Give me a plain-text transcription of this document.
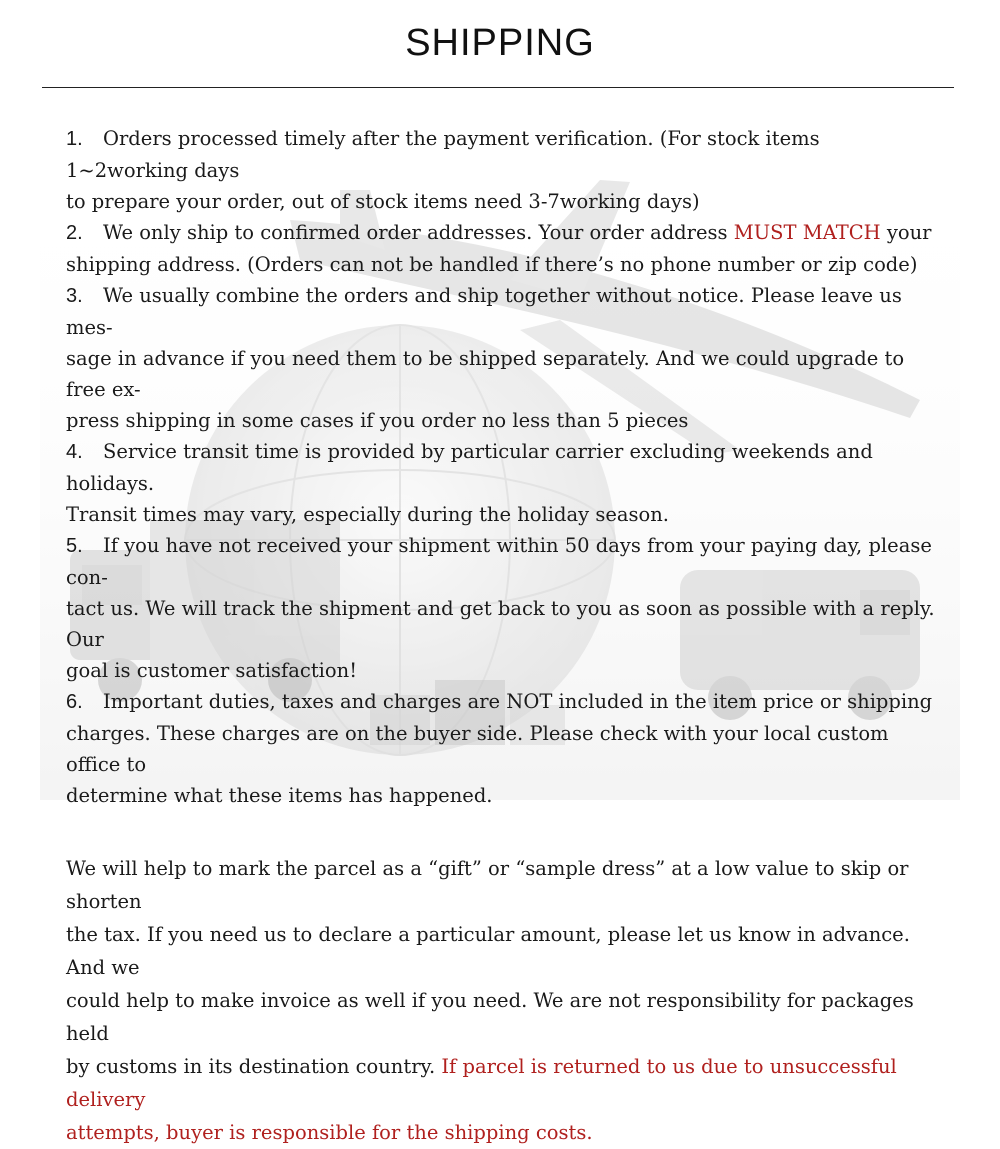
SHIPPING

1. Orders processed timely after the payment verification. (For stock items 1~2working days

to prepare your order, out of stock items need 3-7working days)

2. We only ship to confirmed order addresses. Your order address MUST MATCH your

shipping address. (Orders can not be handled if there’s no phone number or zip code)

3. We usually combine the orders and ship together without notice. Please leave us mes-

sage in advance if you need them to be shipped separately. And we could upgrade to free ex-

press shipping in some cases if you order no less than 5 pieces

4. Service transit time is provided by particular carrier excluding weekends and holidays.

Transit times may vary, especially during the holiday season.

5. If you have not received your shipment within 50 days from your paying day, please con-

tact us. We will track the shipment and get back to you as soon as possible with a reply. Our

goal is customer satisfaction!

6. Important duties, taxes and charges are NOT included in the item price or shipping

charges. These charges are on the buyer side. Please check with your local custom office to

determine what these items has happened.

We will help to mark the parcel as a “gift” or “sample dress” at a low value to skip or shorten

the tax. If you need us to declare a particular amount, please let us know in advance. And we

could help to make invoice as well if you need. We are not responsibility for packages held

by customs in its destination country. If parcel is returned to us due to unsuccessful delivery

attempts, buyer is responsible for the shipping costs.
